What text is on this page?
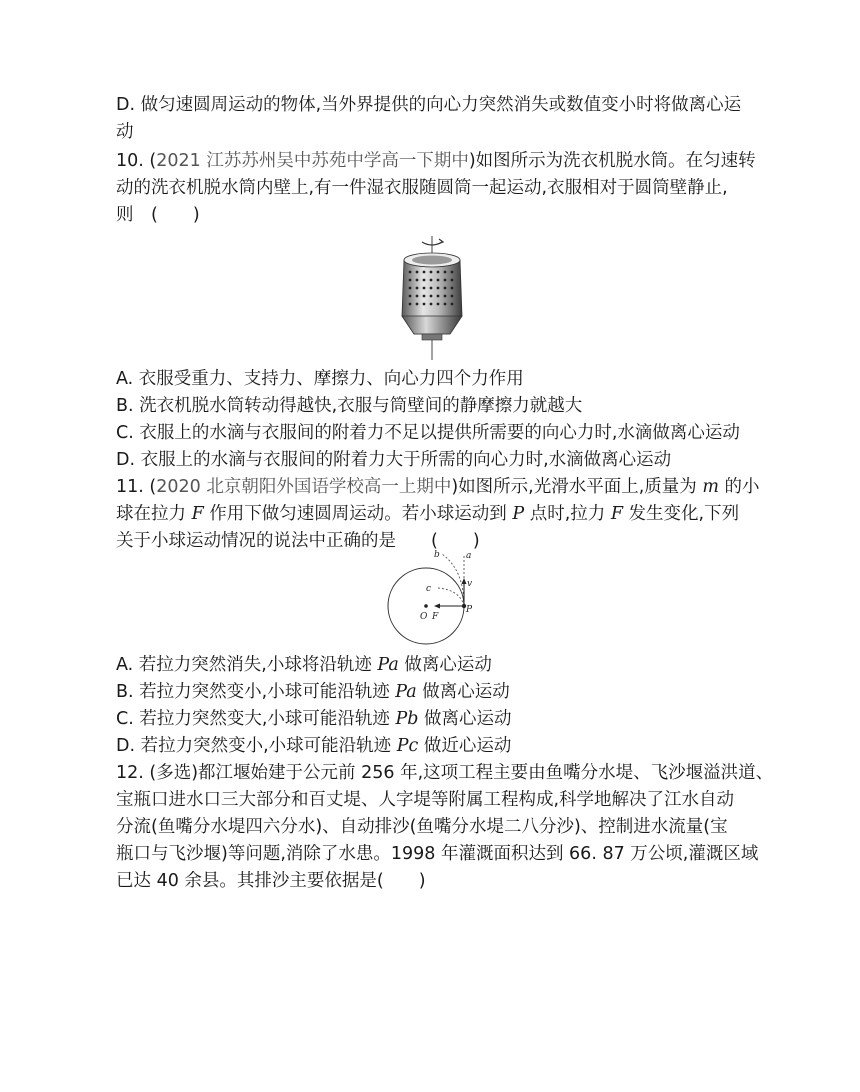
D. 做匀速圆周运动的物体,当外界提供的向心力突然消失或数值变小时将做离心运
动
10. (2021 江苏苏州吴中苏苑中学高一下期中)如图所示为洗衣机脱水筒。在匀速转
动的洗衣机脱水筒内壁上,有一件湿衣服随圆筒一起运动,衣服相对于圆筒壁静止,
则　(　　)
A. 衣服受重力、支持力、摩擦力、向心力四个力作用
B. 洗衣机脱水筒转动得越快,衣服与筒壁间的静摩擦力就越大
C. 衣服上的水滴与衣服间的附着力不足以提供所需要的向心力时,水滴做离心运动
D. 衣服上的水滴与衣服间的附着力大于所需的向心力时,水滴做离心运动
11. (2020 北京朝阳外国语学校高一上期中)如图所示,光滑水平面上,质量为 m 的小
球在拉力 F 作用下做匀速圆周运动。若小球运动到 P 点时,拉力 F 发生变化,下列
关于小球运动情况的说法中正确的是　　(　　)
a
b
c	v
P
O F
A. 若拉力突然消失,小球将沿轨迹 Pa 做离心运动
B. 若拉力突然变小,小球可能沿轨迹 Pa 做离心运动
C. 若拉力突然变大,小球可能沿轨迹 Pb 做离心运动
D. 若拉力突然变小,小球可能沿轨迹 Pc 做近心运动
12. (多选)都江堰始建于公元前 256 年,这项工程主要由鱼嘴分水堤、飞沙堰溢洪道、
宝瓶口进水口三大部分和百丈堤、人字堤等附属工程构成,科学地解决了江水自动
分流(鱼嘴分水堤四六分水)、自动排沙(鱼嘴分水堤二八分沙)、控制进水流量(宝
瓶口与飞沙堰)等问题,消除了水患。1998 年灌溉面积达到 66. 87 万公顷,灌溉区域
已达 40 余县。其排沙主要依据是(　　)
